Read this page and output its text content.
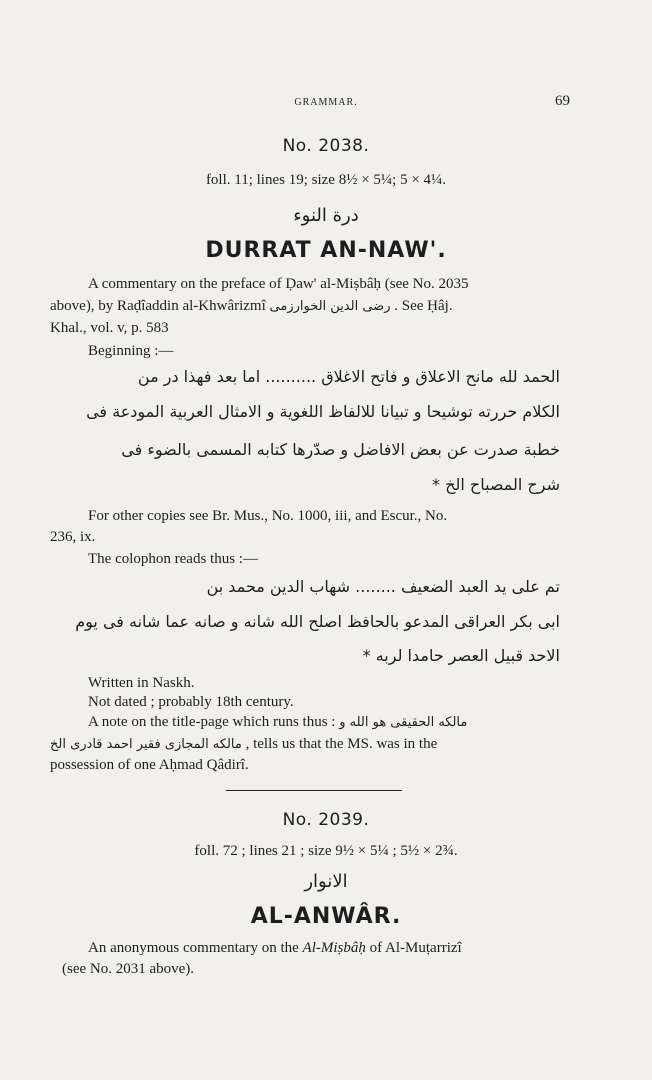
GRAMMAR.	69
No. 2038.
foll. 11; lines 19; size 8½ × 5¼; 5 × 4¼.
درة النوء
DURRAT AN-NAW'.
A commentary on the preface of Ḍaw' al-Miṣbâḥ (see No. 2035
above), by Raḍîaddin al-Khwârizmî رضى الدين الخوارزمى . See Ḥâj.
Khal., vol. v, p. 583
Beginning :—
الحمد لله مانح الاعلاق و فاتح الاغلاق .......... اما بعد فهذا در من
الكلام حررته توشيحا و تبيانا للالفاظ اللغوية و الامثال العربية المودعة فى
خطبة صدرت عن بعض الافاضل و صدّرها كتابه المسمى بالضوء فى
شرح المصباح الخ *
For other copies see Br. Mus., No. 1000, iii, and Escur., No.
236, ix.
The colophon reads thus :—
تم على يد العبد الضعيف ........ شهاب الدين محمد بن
ابى بكر العراقى المدعو بالحافظ اصلح الله شانه و صانه عما شانه فى يوم
الاحد قبيل العصر حامدا لربه *
Written in Naskh.
Not dated ; probably 18th century.
A note on the title-page which runs thus : مالكه الحقيقى هو الله و
مالكه المجازى فقير احمد قادرى الخ , tells us that the MS. was in the
possession of one Aḥmad Qâdirî.
No. 2039.
foll. 72 ; lines 21 ; size 9½ × 5¼ ; 5½ × 2¾.
الانوار
AL-ANWÂR.
An anonymous commentary on the Al-Miṣbâḥ of Al-Muṭarrizî
(see No. 2031 above).
